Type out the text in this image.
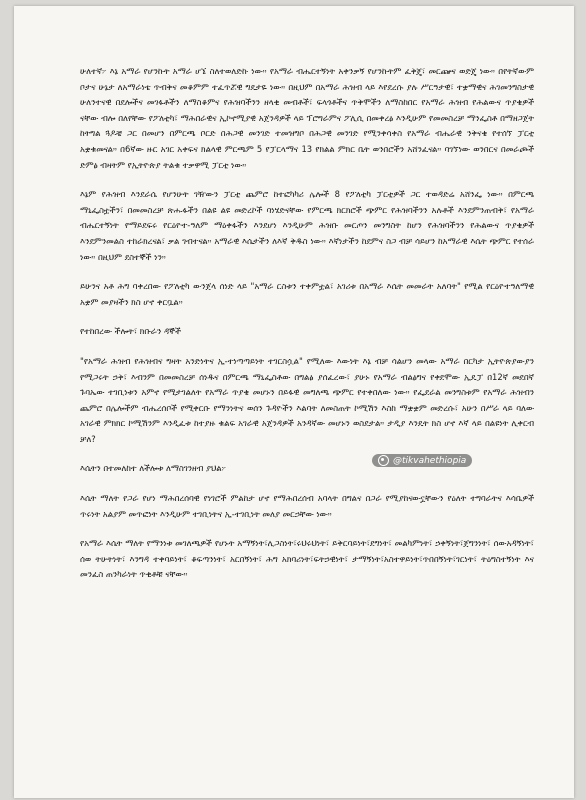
ሁለተኛ፦ እኔ አማራ የሆንኩት አማራ ሆኜ ስለተወለድኩ ነው። የአማራ ብሔርተኝነት አቀንቃኝ የሆንኩትም ፈቅጄ፣ መርጬና ወድጄ ነው። በየትኛውም ቦታና ሁኔታ ለአማራነቴ ጥብቅና መቆምም ተፈጥሯዊ ግዴታዬ ነው። በዚህም በአማራ ሕዝብ ላይ እየደረሱ ያሉ ሥርዓታዊ፣ ተቋማዊና ሕገመንግስታዊ ሁለንተናዊ በደሎችና መገፋቶችን ለማስቆምና የሕዝባችንን ዘላቂ መብቶች፣ ፍላጎቶችና ጥቅሞችን ለማስከበር የአማራ ሕዝብ የሕልውና ጥያቄዎች ናቸው ብሎ በለየቸው የፖለቲካ፣ ማሕበራዊና ኢኮኖሚያዊ አጀንዳዎች ላይ ፕሮግራምና ፖሊሲ በመቀረፅ እንዲሁም የመመስረቻ ማንፌስቶ በማዘጋጀት ከትግል ጓዶቼ ጋር በመሆን በምርጫ ቦርድ በሕጋዊ መንገድ ተመዝግቦ በሕጋዊ መንገድ የሚንቀሳቀስ የአማራ ብሔራዊ ንቅናቄ የተሰኘ ፓርቲ አቋቁመናል። በ6ኛው ዙር አገር አቀፍና ክልላዊ ምርጫም 5 የፓርላማና 13 የክልል ምክር ቤት ወንበሮችን አሸንፈናል። ባገኘነው ወንበርና በመራጮች ድምፅ ብዛትም የኢትዮጵያ ትልቁ ተቃዋሚ ፓርቲ ነው።

እኔም የሕዝብ እንደራሴ የሆንሁት ገዥውን ፓርቲ ጨምሮ ከተፎካካሪ ሌሎች 8 የፖለቲካ ፓርቲዎች ጋር ተወዳድሬ አሸንፌ ነው። በምርጫ ማኒፌስቷችን፣ በመመስረቻ ጽሑፋችን በልዩ ልዩ መድረኮች ባነሄድናቸው የምርጫ ክርክሮች ጭምር የሕዝባችንን አሉቶች እንደምንጠብቅ፣ የአማራ ብሔርተኝነት የማይደፍሩ የርዕዮተ-ዓለም ማዕቀፋችን እንደሆነ እንዲሁም ሕዝቡ መርጦን መንግስት ከሆን የሕዝባችንን የሕልውና ጥያቄዎች እንደምንመልስ ተከራክረናል፣ ቃል ገብተናል። አማራዊ እሴታችን ለእኛ ቅዱስ ነው። እኛነታችን ከደምና ስጋ ብቻ ሳይሆን ከአማራዊ እሴት ጭምር የተሰራ ነው። በዚህም ደስተኞች ነን።

ይሁንና አቶ ሕግ ባቀረበው የፖለቲካ ውንጀላ ሰነድ ላይ "አማራ ርስቱን ተቀምቷል፣ አገሪቱ በአማራ እሴት መመራት አለባት" የሚል የርዕዮተዓለማዊ አቋም መያዛችን ክስ ሆኖ ቀርቧል።

የተከበረው ችሎት፣ ክቡራን ዳኞች

"የአማራ ሕዝብ የሕዝብና ግዛት አንድነትና ኢ-ተነጣጣይነት ተገርስሷል" የሚለው እውነት እኔ ብቻ ሳልሆን መላው አማራ በርካታ ኢትዮጵያውያን የሚጋሩት ኃቅ፣ እብንም በመመስረቻ ሰነዱና በምርጫ ማኒፌስቶው በግልፅ ያሰፈረው፣ ያሁኑ የአማራ ብልፅግና የቀደሞው ኢዴፓ በ12ኛ መደበኛ ጉባኤው ተገቢነቱን አምኖ የሚታገልለት የአማራ ጥያቄ መሆኑን በይፋዊ መግለጫ ጭምር የተቀበለው ነው። የፌደራል መንግስቱም የአማራ ሕዝብን ጨምሮ በሌሎችም ብሔረሰቦች የሚቀርቡ የማንነትና ወሰን ጉዳዮችን እልባት ለመስጠት ኮሚሽን እስከ ማቋቋም መድረሱ፣ አሁን በሥራ ላይ ባለው አገራዊ ምክክር ኮሚሽንም እንዲፈቱ ከተያዙ ቁልፍ አገራዊ አጀንዳዎች አንዳኛው መሆኑን ወስደታል። ታዲያ እንዴት ክስ ሆኖ እኛ ላይ በልዩነት ሊቀርብ ቻለ?

እሴትን በተመለከተ ለችሎቱ ለማስገንዘብ ያህል፦

እሴት ማለት የጋራ የሆነ ማሕበረሰባዊ የነገሮች ምልከታ ሆኖ የማሕበረሰብ አባላት በግልና በጋራ የሚያከናውኗቸውን የዕለት ተግባራትና እሳቤዎች ጥሩነት አልያም መጥፎነት እንዲሁም ተገቢነትና ኢ-ተገቢነት መለያ መርኃቸው ነው።

የአማራ እሴት ማለት የማንነቱ መገለጫዎች የሆኑት አማኝነት፣ሊጋስነት፣ሩህሩህነት፣ ይቅርባይነት፣ደግነት፣ መልካምነት፣ ኃቀኝነት፣ጀግንነት፣ ሰውአዳኝነት፣ ሰወ ትሁትነት፣ እንግዳ ተቀባይነት፣ ቆፍጣንነት፣ አርበኝነት፣ ሕግ አክባሪነት፣ፍትኃዊነት፣ ታማኝነት፣አስተዋይነት፣ጥበበኝነት፣ገርነት፣ ትዕግስተኝነት እና መንፈስ ጠንካራነት ጥቂቶቹ ናቸው።

@tikvahethiopia
